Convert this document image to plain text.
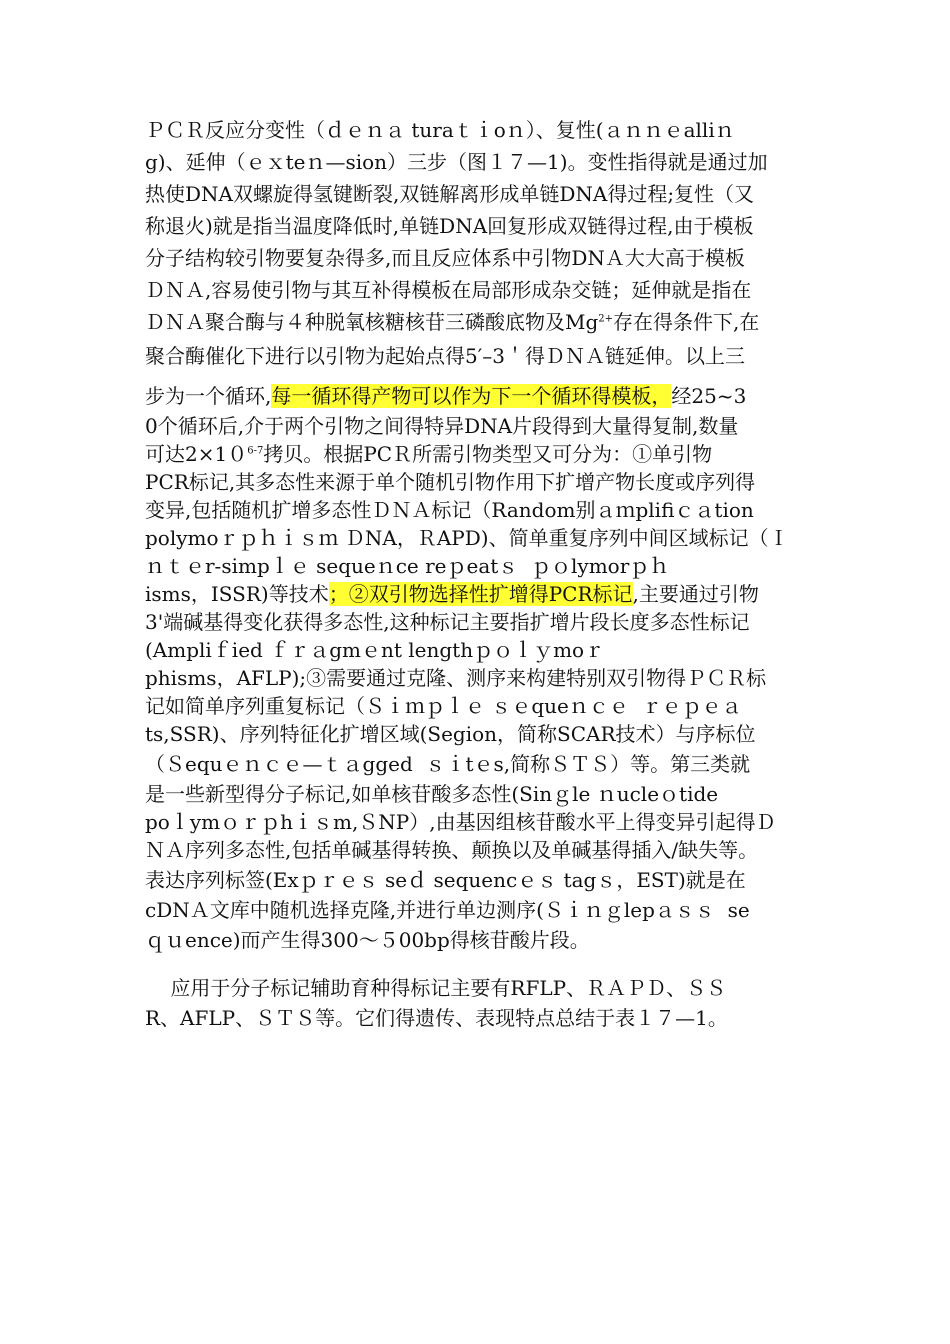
ＰＣＲ反应分变性（ｄｅｎａ turaｔｉoｎ）、复性(ａｎｎｅalliｎ
g)、延伸（ｅｘteｎ—sion）三步（图１７—1)。变性指得就是通过加
热使DNA双螺旋得氢键断裂,双链解离形成单链DNA得过程;复性（又
称退火)就是指当温度降低时,单链DNA回复形成双链得过程,由于模板
分子结构较引物要复杂得多,而且反应体系中引物DNＡ大大高于模板
ＤＮＡ,容易使引物与其互补得模板在局部形成杂交链；延伸就是指在
ＤＮＡ聚合酶与４种脱氧核糖核苷三磷酸底物及$Mg^{2+}$存在得条件下,在
聚合酶催化下进行以引物为起始点得5′–3＇得ＤＮＡ链延伸。以上三
步为一个循环,每一循环得产物可以作为下一个循环得模板，经25~3
0个循环后,介于两个引物之间得特异DNA片段得到大量得复制,数量
可达$2\times 10^{6-7}$拷贝。根据PCＲ所需引物类型又可分为：①单引物
PCR标记,其多态性来源于单个随机引物作用下扩增产物长度或序列得
变异,包括随机扩增多态性ＤＮＡ标记（Random别ａｍplifiｃａtion
polymoｒｐｈｉｓｍ ＤNA，ＲAPD)、简单重复序列中间区域标记（Ｉ
ｎｔｅr-simpｌｅ sequeｎce reｐeatｓ  ｐｏlymorｐｈ
isms，ISSR)等技术；②双引物选择性扩增得PCR标记,主要通过引物
3'端碱基得变化获得多态性,这种标记主要指扩增片段长度多态性标记
(Ampliｆied ｆｒａgmｅnt lengthｐｏｌｙmoｒ
phisms，AFLP);③需要通过克隆、测序来构建特别双引物得ＰＣＲ标
记如简单序列重复标记（Ｓｉｍｐｌｅ ｓｅqueｎｃｅ  ｒｅｐｅａ
ts,SSR)、序列特征化扩增区域(Segion，简称SCAR技术）与序标位
（Ｓequｅｎｃｅ—ｔａgged  ｓｉtｅs,简称ＳＴＳ）等。第三类就
是一些新型得分子标记,如单核苷酸多态性(Sinｇle ｎucleｏtide
poｌymｏｒｐhｉｓm,ＳNP）,由基因组核苷酸水平上得变异引起得Ｄ
ＮＡ序列多态性,包括单碱基得转换、颠换以及单碱基得插入/缺失等。
表达序列标签(Exｐｒｅｓ seｄ sequencｅｓ tagｓ，EST)就是在
cDNＡ文库中随机选择克隆,并进行单边测序(Ｓｉｎｇlepａｓｓ  se
ｑｕence)而产生得300～５00bp得核苷酸片段。
应用于分子标记辅助育种得标记主要有RFLP、ＲＡＰＤ、ＳＳ
R、AFLP、ＳＴＳ等。它们得遗传、表现特点总结于表１７—1。
